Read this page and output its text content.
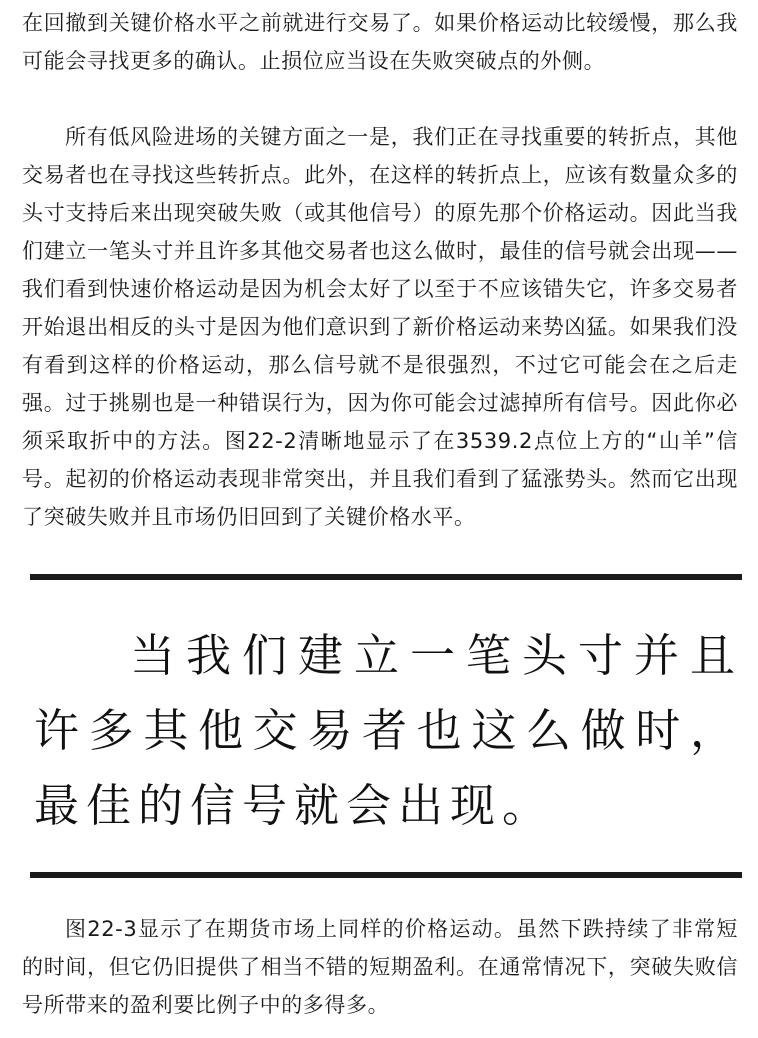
在回撤到关键价格水平之前就进行交易了。如果价格运动比较缓慢，那么我可能会寻找更多的确认。止损位应当设在失败突破点的外侧。

所有低风险进场的关键方面之一是，我们正在寻找重要的转折点，其他交易者也在寻找这些转折点。此外，在这样的转折点上，应该有数量众多的头寸支持后来出现突破失败（或其他信号）的原先那个价格运动。因此当我们建立一笔头寸并且许多其他交易者也这么做时，最佳的信号就会出现——我们看到快速价格运动是因为机会太好了以至于不应该错失它，许多交易者开始退出相反的头寸是因为他们意识到了新价格运动来势凶猛。如果我们没有看到这样的价格运动，那么信号就不是很强烈，不过它可能会在之后走强。过于挑剔也是一种错误行为，因为你可能会过滤掉所有信号。因此你必须采取折中的方法。图22-2清晰地显示了在3539.2点位上方的“山羊”信号。起初的价格运动表现非常突出，并且我们看到了猛涨势头。然而它出现了突破失败并且市场仍旧回到了关键价格水平。

当我们建立一笔头寸并且许多其他交易者也这么做时，最佳的信号就会出现。

图22-3显示了在期货市场上同样的价格运动。虽然下跌持续了非常短的时间，但它仍旧提供了相当不错的短期盈利。在通常情况下，突破失败信号所带来的盈利要比例子中的多得多。
